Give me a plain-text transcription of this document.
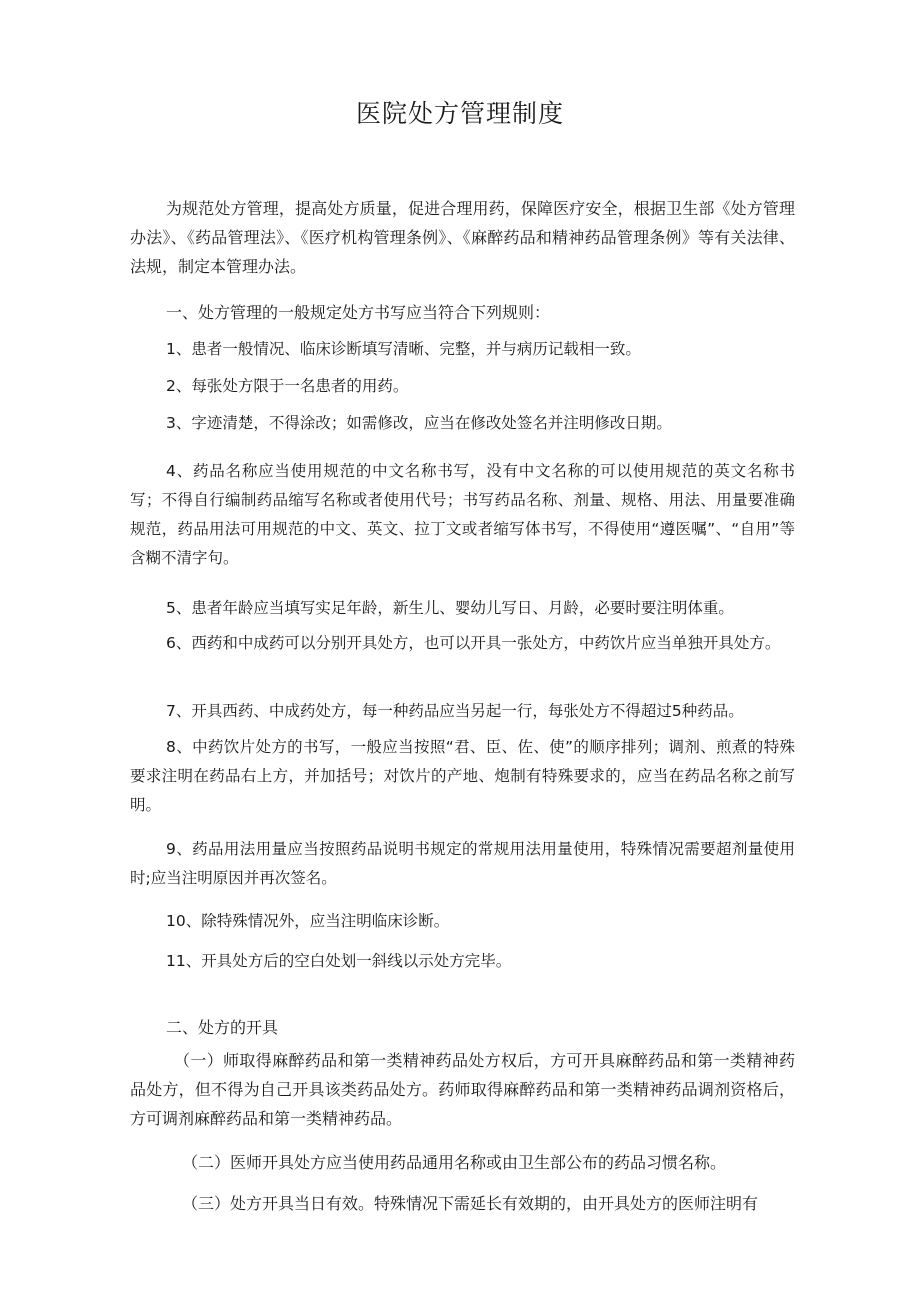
医院处方管理制度

为规范处方管理，提高处方质量，促进合理用药，保障医疗安全，根据卫生部《处方管理办法》、《药品管理法》、《医疗机构管理条例》、《麻醉药品和精神药品管理条例》等有关法律、法规，制定本管理办法。

一、处方管理的一般规定处方书写应当符合下列规则：

1、患者一般情况、临床诊断填写清晰、完整，并与病历记载相一致。

2、每张处方限于一名患者的用药。

3、字迹清楚，不得涂改；如需修改，应当在修改处签名并注明修改日期。

4、药品名称应当使用规范的中文名称书写，没有中文名称的可以使用规范的英文名称书写；不得自行编制药品缩写名称或者使用代号；书写药品名称、剂量、规格、用法、用量要准确规范，药品用法可用规范的中文、英文、拉丁文或者缩写体书写，不得使用“遵医嘱”、“自用”等含糊不清字句。

5、患者年龄应当填写实足年龄，新生儿、婴幼儿写日、月龄，必要时要注明体重。

6、西药和中成药可以分别开具处方，也可以开具一张处方，中药饮片应当单独开具处方。

7、开具西药、中成药处方，每一种药品应当另起一行，每张处方不得超过5种药品。

8、中药饮片处方的书写，一般应当按照“君、臣、佐、使”的顺序排列；调剂、煎煮的特殊要求注明在药品右上方，并加括号；对饮片的产地、炮制有特殊要求的，应当在药品名称之前写明。

9、药品用法用量应当按照药品说明书规定的常规用法用量使用，特殊情况需要超剂量使用时;应当注明原因并再次签名。

10、除特殊情况外，应当注明临床诊断。

11、开具处方后的空白处划一斜线以示处方完毕。

二、处方的开具

（一）师取得麻醉药品和第一类精神药品处方权后，方可开具麻醉药品和第一类精神药品处方，但不得为自己开具该类药品处方。药师取得麻醉药品和第一类精神药品调剂资格后，方可调剂麻醉药品和第一类精神药品。

（二）医师开具处方应当使用药品通用名称或由卫生部公布的药品习惯名称。

（三）处方开具当日有效。特殊情况下需延长有效期的，由开具处方的医师注明有
